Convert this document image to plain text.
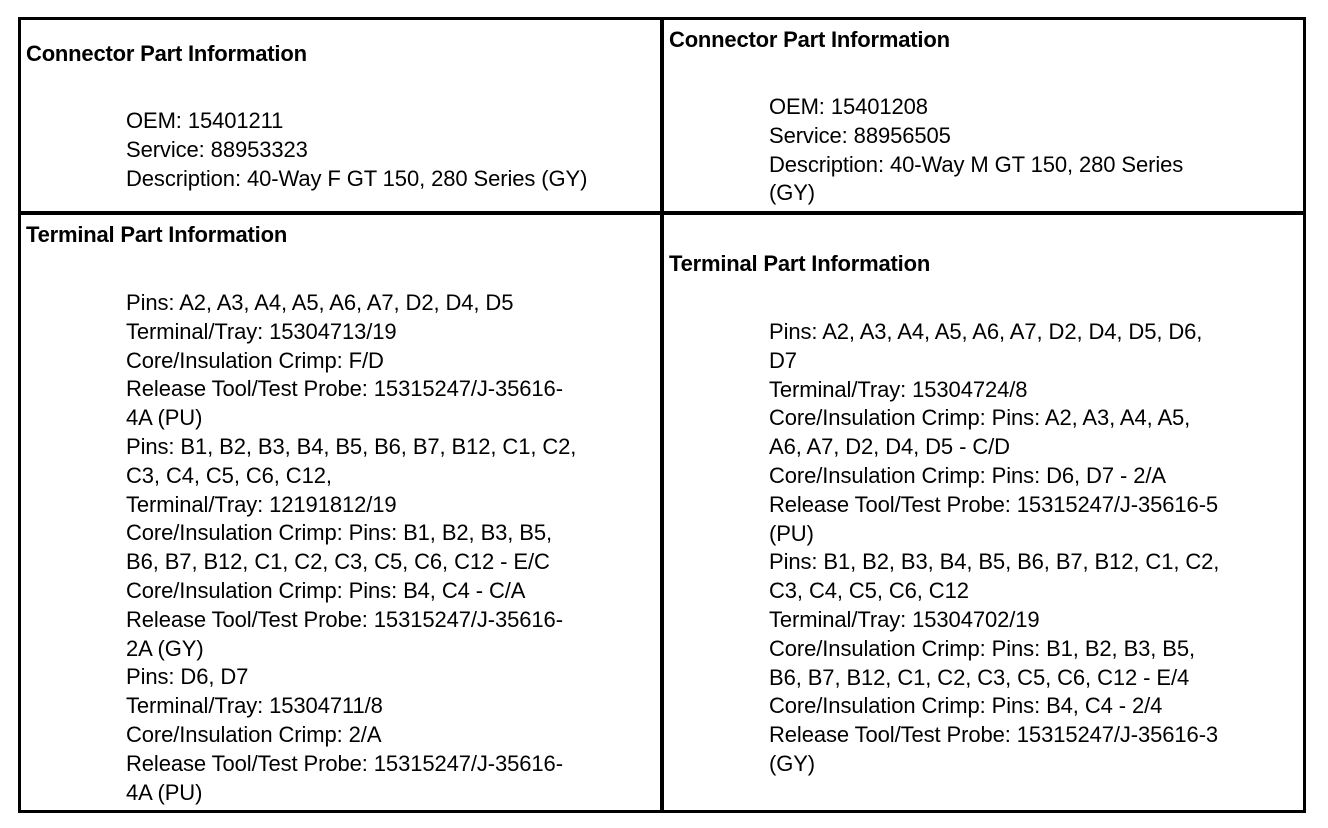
Connector Part Information
OEM: 15401211
Service: 88953323
Description: 40-Way F GT 150, 280 Series (GY)
Connector Part Information
OEM: 15401208
Service: 88956505
Description: 40-Way M GT 150, 280 Series
(GY)
Terminal Part Information
Pins: A2, A3, A4, A5, A6, A7, D2, D4, D5
Terminal/Tray: 15304713/19
Core/Insulation Crimp: F/D
Release Tool/Test Probe: 15315247/J-35616-
4A (PU)
Pins: B1, B2, B3, B4, B5, B6, B7, B12, C1, C2,
C3, C4, C5, C6, C12,
Terminal/Tray: 12191812/19
Core/Insulation Crimp: Pins: B1, B2, B3, B5,
B6, B7, B12, C1, C2, C3, C5, C6, C12 - E/C
Core/Insulation Crimp: Pins: B4, C4 - C/A
Release Tool/Test Probe: 15315247/J-35616-
2A (GY)
Pins: D6, D7
Terminal/Tray: 15304711/8
Core/Insulation Crimp: 2/A
Release Tool/Test Probe: 15315247/J-35616-
4A (PU)
Terminal Part Information
Pins: A2, A3, A4, A5, A6, A7, D2, D4, D5, D6,
D7
Terminal/Tray: 15304724/8
Core/Insulation Crimp: Pins: A2, A3, A4, A5,
A6, A7, D2, D4, D5 - C/D
Core/Insulation Crimp: Pins: D6, D7 - 2/A
Release Tool/Test Probe: 15315247/J-35616-5
(PU)
Pins: B1, B2, B3, B4, B5, B6, B7, B12, C1, C2,
C3, C4, C5, C6, C12
Terminal/Tray: 15304702/19
Core/Insulation Crimp: Pins: B1, B2, B3, B5,
B6, B7, B12, C1, C2, C3, C5, C6, C12 - E/4
Core/Insulation Crimp: Pins: B4, C4 - 2/4
Release Tool/Test Probe: 15315247/J-35616-3
(GY)
